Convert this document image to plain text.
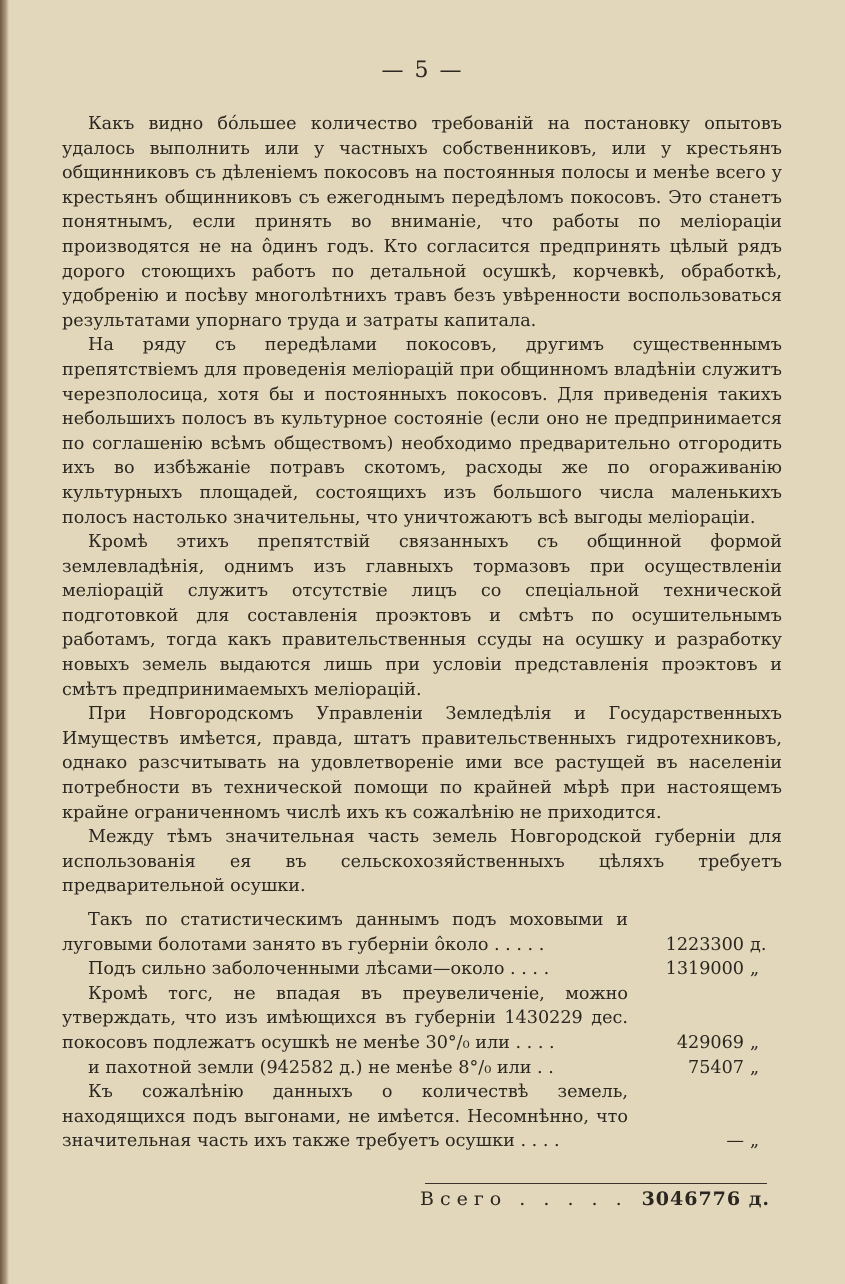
— 5 —

Какъ видно бóльшее количество требованій на постановку опытовъ удалось выполнить или у частныхъ собственниковъ, или у крестьянъ общинниковъ съ дѣленіемъ покосовъ на постоянныя полосы и менѣе всего у крестьянъ общинниковъ съ ежегоднымъ передѣломъ покосовъ. Это станетъ понятнымъ, если принять во вниманіе, что работы по меліораціи производятся не на ôдинъ годъ. Кто согласится предпринять цѣлый рядъ дорого стоющихъ работъ по детальной осушкѣ, корчевкѣ, обработкѣ, удобренію и посѣву многолѣтнихъ травъ безъ увѣренности воспользоваться результатами упорнаго труда и затраты капитала.

На ряду съ передѣлами покосовъ, другимъ существеннымъ препятствіемъ для проведенія меліорацій при общинномъ владѣніи служитъ черезполосица, хотя бы и постоянныхъ покосовъ. Для приведенія такихъ небольшихъ полосъ въ культурное состояніе (если оно не предпринимается по соглашенію всѣмъ обществомъ) необходимо предварительно отгородить ихъ во избѣжаніе потравъ скотомъ, расходы же по огораживанію культурныхъ площадей, состоящихъ изъ большого числа маленькихъ полосъ настолько значительны, что уничтожаютъ всѣ выгоды меліораціи.

Кромѣ этихъ препятствій связанныхъ съ общинной формой землевладѣнія, однимъ изъ главныхъ тормазовъ при осуществленіи меліорацій служитъ отсутствіе лицъ со спеціальной технической подготовкой для составленія проэктовъ и смѣтъ по осушительнымъ работамъ, тогда какъ правительственныя ссуды на осушку и разработку новыхъ земель выдаются лишь при условіи представленія проэктовъ и смѣтъ предпринимаемыхъ меліорацій.

При Новгородскомъ Управленіи Земледѣлія и Государственныхъ Имуществъ имѣется, правда, штатъ правительственныхъ гидротехниковъ, однако разсчитывать на удовлетвореніе ими все растущей въ населеніи потребности въ технической помощи по крайней мѣрѣ при настоящемъ крайне ограниченномъ числѣ ихъ къ сожалѣнію не приходится.

Между тѣмъ значительная часть земель Новгородской губерніи для использованія ея въ сельскохозяйственныхъ цѣляхъ требуетъ предварительной осушки.

Такъ по статистическимъ даннымъ подъ моховыми и луговыми болотами занято въ губерніи ôколо . . . . .	1223300 д.
Подъ сильно заболоченными лѣсами—около . . . .	1319000 „
Кромѣ тогс, не впадая въ преувеличеніе, можно утверждать, что изъ имѣющихся въ губерніи 1430229 дес. покосовъ подлежатъ осушкѣ не менѣе 30°/₀ или . . . .	429069 „
и пахотной земли (942582 д.) не менѣе 8°/₀ или . .	75407 „
Къ сожалѣнію данныхъ о количествѣ земель, находящихся подъ выгонами, не имѣется. Несомнѣнно, что значительная часть ихъ также требуетъ осушки . . . .	— „
Всего . . . . . 3046776 д.
